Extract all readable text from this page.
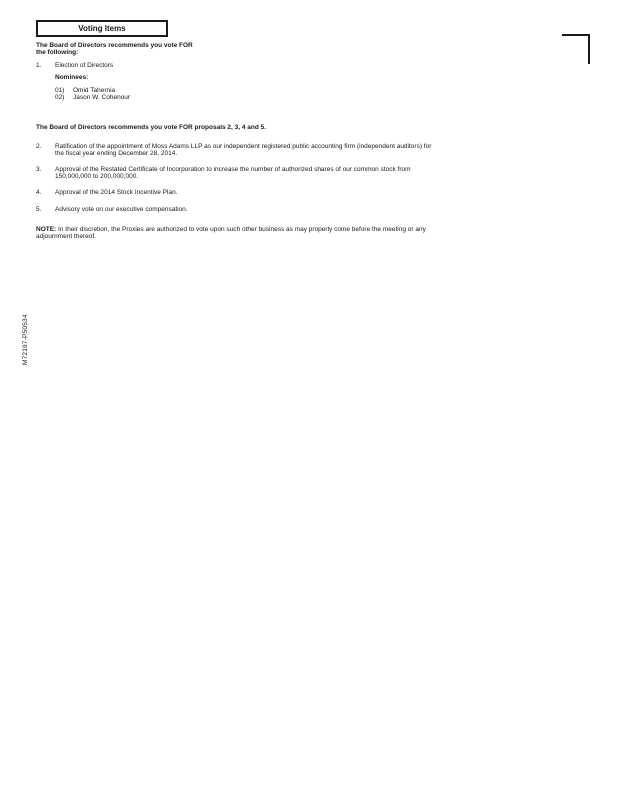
Voting Items
The Board of Directors recommends you vote FOR
the following:
1. Election of Directors
Nominees:
01) Omid Tahernia
02) Jason W. Cohenour
The Board of Directors recommends you vote FOR proposals 2, 3, 4 and 5.
2. Ratification of the appointment of Moss Adams LLP as our independent registered public accounting firm (independent auditors) for
the fiscal year ending December 28, 2014.
3. Approval of the Restated Certificate of Incorporation to increase the number of authorized shares of our common stock from
150,000,000 to 200,000,000.
4. Approval of the 2014 Stock Incentive Plan.
5. Advisory vote on our executive compensation.
NOTE: In their discretion, the Proxies are authorized to vote upon such other business as may properly come before the meeting or any
adjournment thereof.
M72197-P50534
